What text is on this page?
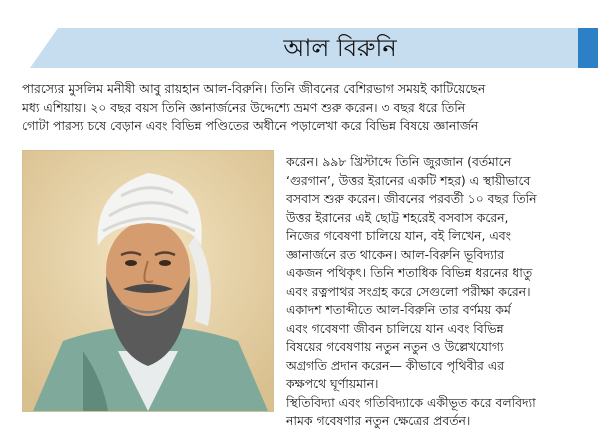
আল বিরুনি

পারস্যের মুসলিম মনীষী আবু রায়হান আল-বিরুনি। তিনি জীবনের বেশিরভাগ সময়ই কাটিয়েছেন
মধ্য এশিয়ায়। ২০ বছর বয়স তিনি জ্ঞানার্জনের উদ্দেশ্যে ভ্রমণ শুরু করেন। ৩ বছর ধরে তিনি
গোটা পারস্য চষে বেড়ান এবং বিভিন্ন পণ্ডিতের অধীনে পড়ালেখা করে বিভিন্ন বিষয়ে জ্ঞানার্জন

করেন। ৯৯৮ খ্রিস্টাব্দে তিনি জুরজান (বর্তমানে
‘গুরগান’, উত্তর ইরানের একটি শহর) এ স্থায়ীভাবে
বসবাস শুরু করেন। জীবনের পরবর্তী ১০ বছর তিনি
উত্তর ইরানের এই ছোট্ট শহরেই বসবাস করেন,
নিজের গবেষণা চালিয়ে যান, বই লিখেন, এবং
জ্ঞানার্জনে রত থাকেন। আল-বিরুনি ভূবিদ্যার
একজন পথিকৃৎ। তিনি শতাধিক বিভিন্ন ধরনের ধাতু
এবং রত্নপাথর সংগ্রহ করে সেগুলো পরীক্ষা করেন।
একাদশ শতাব্দীতে আল-বিরুনি তার বর্ণময় কর্ম
এবং গবেষণা জীবন চালিয়ে যান এবং বিভিন্ন
বিষয়ের গবেষণায় নতুন নতুন ও উল্লেখযোগ্য
অগ্রগতি প্রদান করেন— কীভাবে পৃথিবীর এর
কক্ষপথে ঘূর্ণায়মান।
স্থিতিবিদ্যা এবং গতিবিদ্যাকে একীভূত করে বলবিদ্যা
নামক গবেষণার নতুন ক্ষেত্রের প্রবর্তন।
